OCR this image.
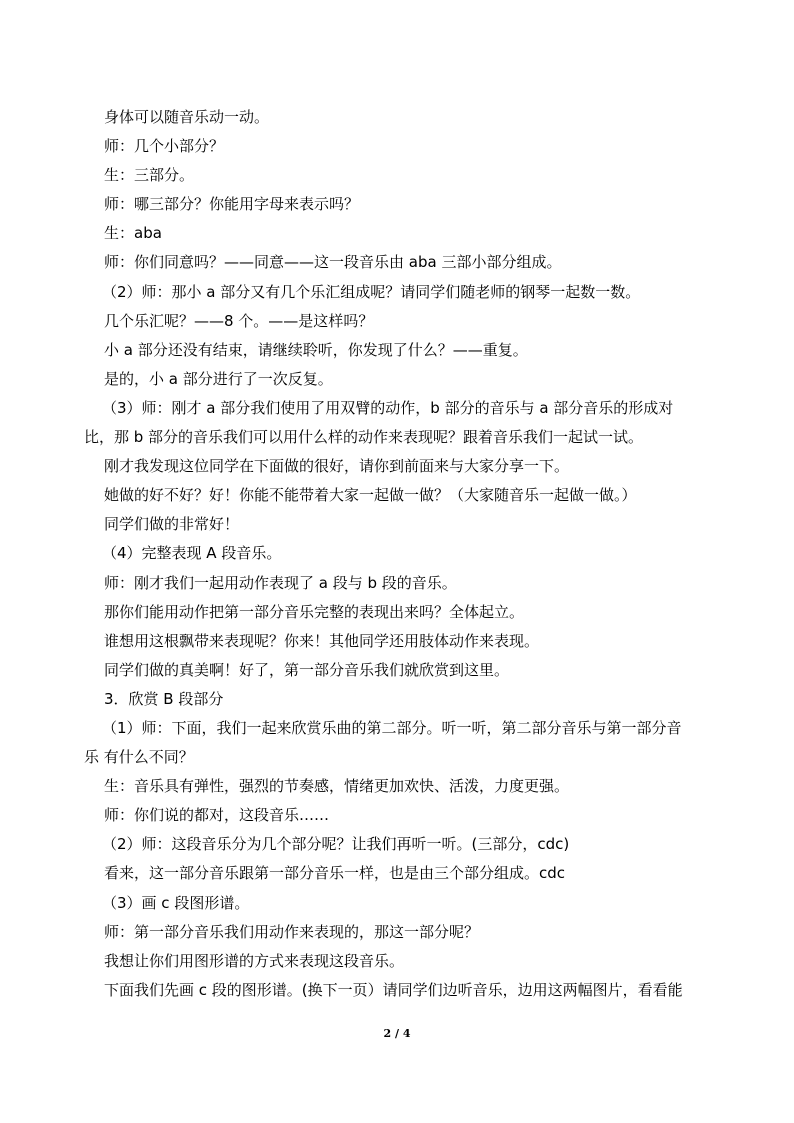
身体可以随音乐动一动。
师：几个小部分？
生：三部分。
师：哪三部分？你能用字母来表示吗？
生：aba
师：你们同意吗？——同意——这一段音乐由 aba 三部小部分组成。
（2）师：那小 a 部分又有几个乐汇组成呢？请同学们随老师的钢琴一起数一数。
几个乐汇呢？——8 个。——是这样吗？
小 a 部分还没有结束，请继续聆听，你发现了什么？——重复。
是的，小 a 部分进行了一次反复。
（3）师：刚才 a 部分我们使用了用双臂的动作，b 部分的音乐与 a 部分音乐的形成对
比，那 b 部分的音乐我们可以用什么样的动作来表现呢？跟着音乐我们一起试一试。
刚才我发现这位同学在下面做的很好，请你到前面来与大家分享一下。
她做的好不好？好！你能不能带着大家一起做一做？（大家随音乐一起做一做。）
同学们做的非常好！
（4）完整表现 A 段音乐。
师：刚才我们一起用动作表现了 a 段与 b 段的音乐。
那你们能用动作把第一部分音乐完整的表现出来吗？全体起立。
谁想用这根飘带来表现呢？你来！其他同学还用肢体动作来表现。
同学们做的真美啊！好了，第一部分音乐我们就欣赏到这里。
3．欣赏 B 段部分
（1）师：下面，我们一起来欣赏乐曲的第二部分。听一听，第二部分音乐与第一部分音
乐 有什么不同？
生：音乐具有弹性，强烈的节奏感，情绪更加欢快、活泼，力度更强。
师：你们说的都对，这段音乐……
（2）师：这段音乐分为几个部分呢？让我们再听一听。(三部分，cdc)
看来，这一部分音乐跟第一部分音乐一样，也是由三个部分组成。cdc
（3）画 c 段图形谱。
师：第一部分音乐我们用动作来表现的，那这一部分呢？
我想让你们用图形谱的方式来表现这段音乐。
下面我们先画 c 段的图形谱。(换下一页）请同学们边听音乐，边用这两幅图片，看看能
2 / 4
